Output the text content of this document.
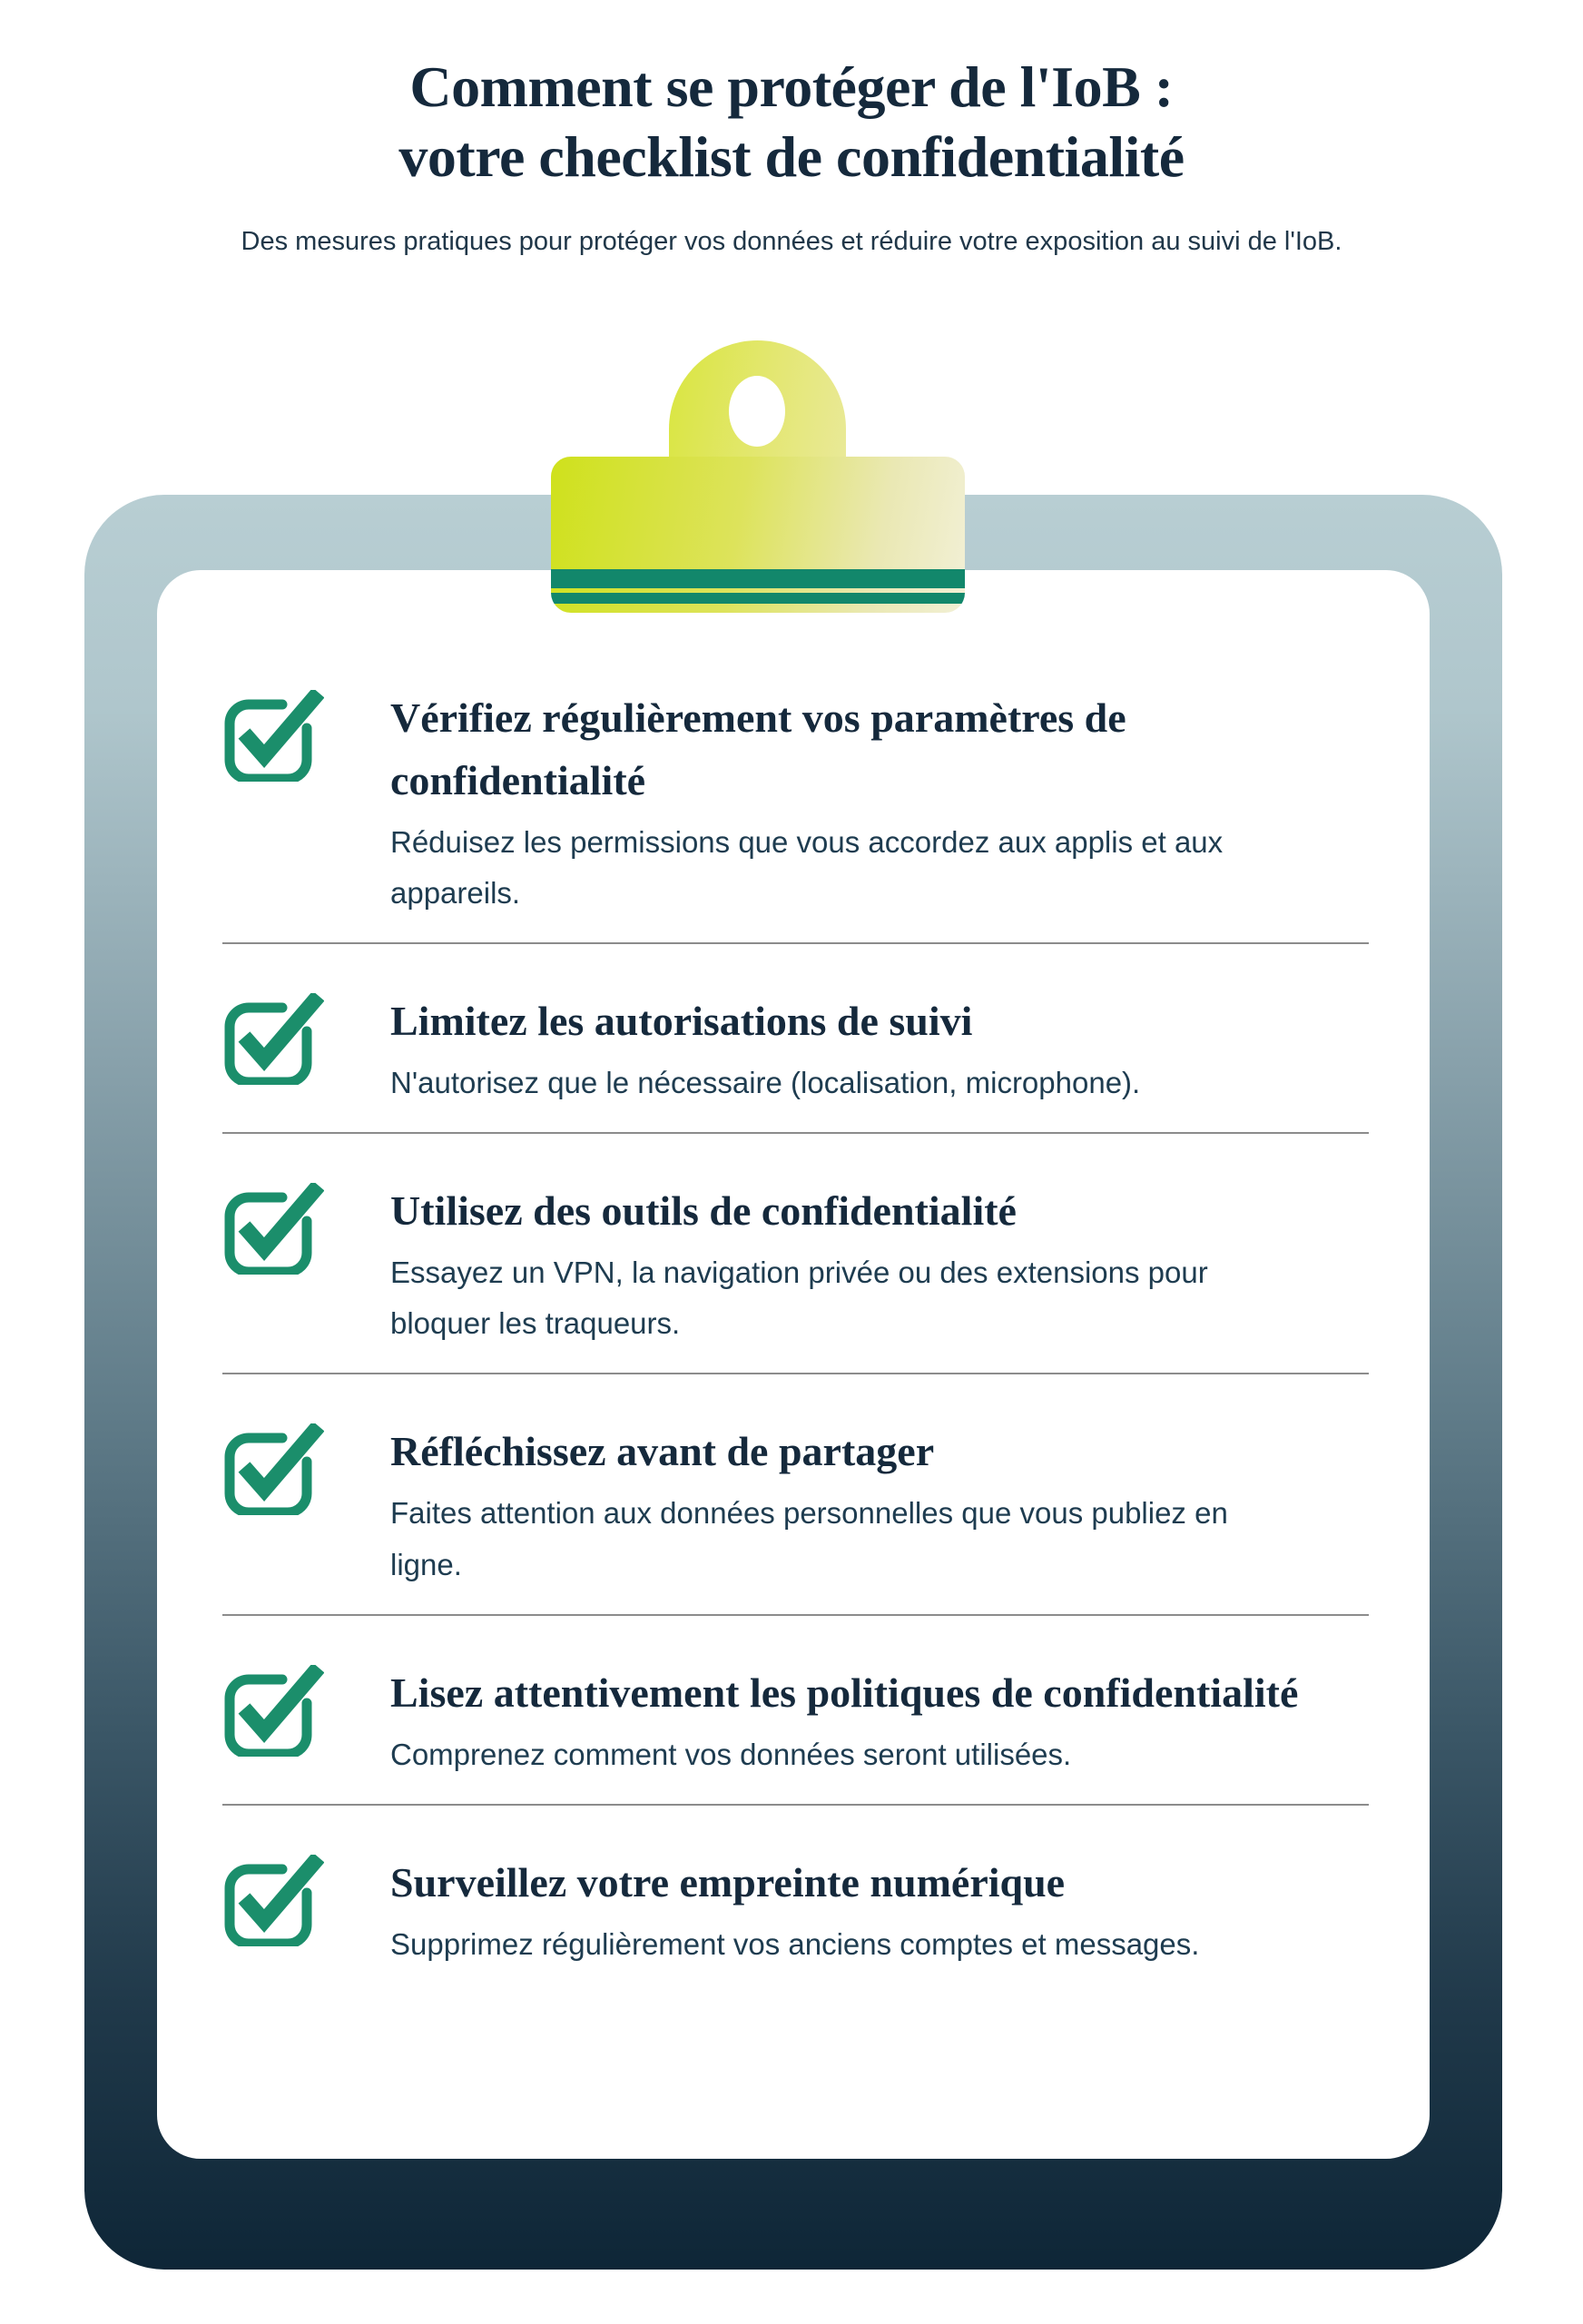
Comment se protéger de l'IoB :
votre checklist de confidentialité

Des mesures pratiques pour protéger vos données et réduire votre exposition au suivi de l'IoB.

Vérifiez régulièrement vos paramètres de confidentialité

Réduisez les permissions que vous accordez aux applis et aux appareils.

Limitez les autorisations de suivi

N'autorisez que le nécessaire (localisation, microphone).

Utilisez des outils de confidentialité

Essayez un VPN, la navigation privée ou des extensions pour bloquer les traqueurs.

Réfléchissez avant de partager

Faites attention aux données personnelles que vous publiez en ligne.

Lisez attentivement les politiques de confidentialité

Comprenez comment vos données seront utilisées.

Surveillez votre empreinte numérique

Supprimez régulièrement vos anciens comptes et messages.
